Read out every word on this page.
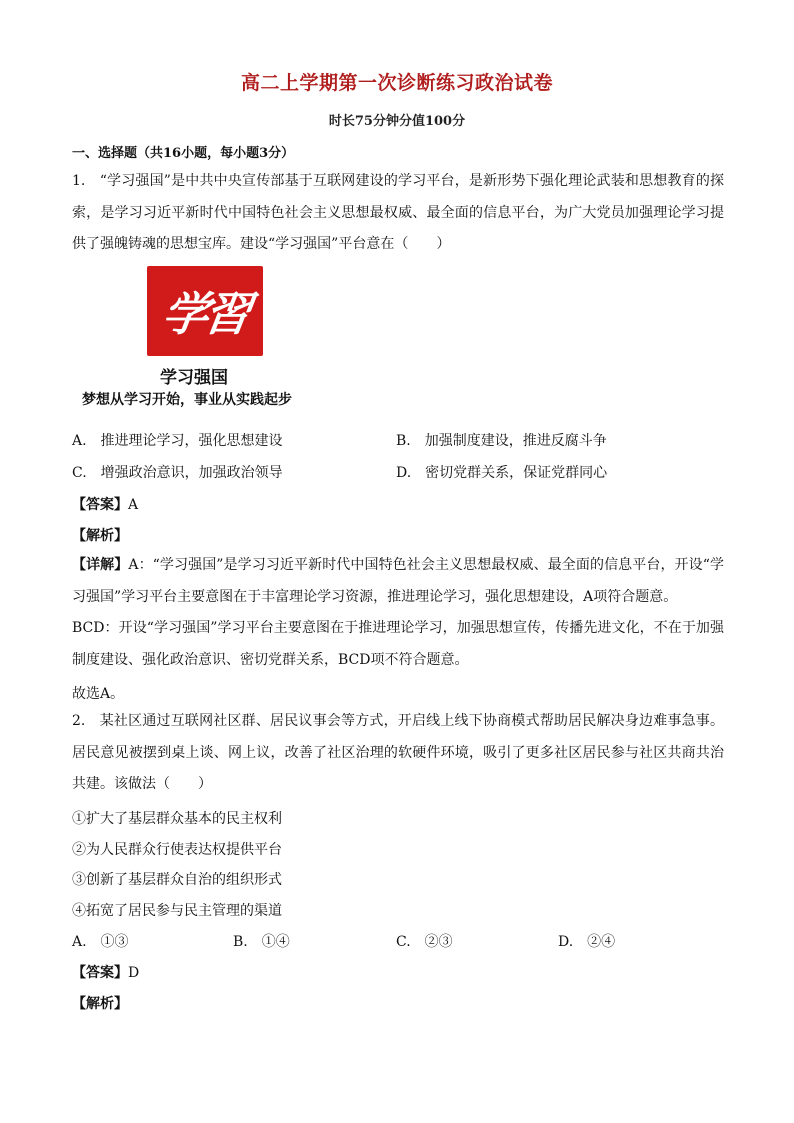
高二上学期第一次诊断练习政治试卷
时长75分钟分值100分
一、选择题（共16小题，每小题3分）
1.　“学习强国”是中共中央宣传部基于互联网建设的学习平台，是新形势下强化理论武装和思想教育的探索，是学习习近平新时代中国特色社会主义思想最权威、最全面的信息平台，为广大党员加强理论学习提供了强魄铸魂的思想宝库。建设“学习强国”平台意在（　　）
学習
学习强国
梦想从学习开始，事业从实践起步
A.　推进理论学习，强化思想建设	B.　加强制度建设，推进反腐斗争
C.　增强政治意识，加强政治领导	D.　密切党群关系，保证党群同心
【答案】A
【解析】
【详解】A：“学习强国”是学习习近平新时代中国特色社会主义思想最权威、最全面的信息平台，开设“学习强国”学习平台主要意图在于丰富理论学习资源，推进理论学习，强化思想建设，A项符合题意。
BCD：开设“学习强国”学习平台主要意图在于推进理论学习，加强思想宣传，传播先进文化，不在于加强制度建设、强化政治意识、密切党群关系，BCD项不符合题意。
故选A。
2.　某社区通过互联网社区群、居民议事会等方式，开启线上线下协商模式帮助居民解决身边难事急事。居民意见被摆到桌上谈、网上议，改善了社区治理的软硬件环境，吸引了更多社区居民参与社区共商共治共建。该做法（　　）
①扩大了基层群众基本的民主权利
②为人民群众行使表达权提供平台
③创新了基层群众自治的组织形式
④拓宽了居民参与民主管理的渠道
A.　①③	B.　①④	C.　②③	D.　②④
【答案】D
【解析】
